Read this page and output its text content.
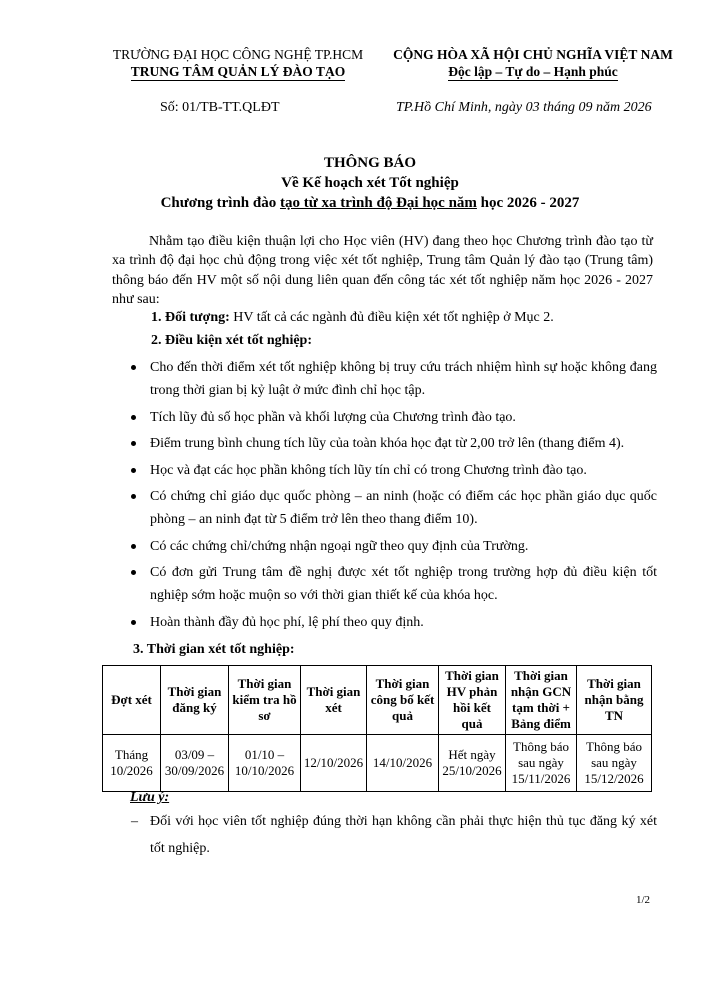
TRƯỜNG ĐẠI HỌC CÔNG NGHỆ TP.HCM
TRUNG TÂM QUẢN LÝ ĐÀO TẠO
CỘNG HÒA XÃ HỘI CHỦ NGHĨA VIỆT NAM
Độc lập – Tự do – Hạnh phúc
Số: 01/TB-TT.QLĐT	TP.Hồ Chí Minh, ngày 03 tháng 09 năm 2026
THÔNG BÁO
Về Kế hoạch xét Tốt nghiệp
Chương trình đào tạo từ xa trình độ Đại học năm học 2026 - 2027
Nhằm tạo điều kiện thuận lợi cho Học viên (HV) đang theo học Chương trình đào tạo từ xa trình độ đại học chủ động trong việc xét tốt nghiệp, Trung tâm Quản lý đào tạo (Trung tâm) thông báo đến HV một số nội dung liên quan đến công tác xét tốt nghiệp năm học 2026 - 2027 như sau:
1. Đối tượng: HV tất cả các ngành đủ điều kiện xét tốt nghiệp ở Mục 2.
2. Điều kiện xét tốt nghiệp:
Cho đến thời điểm xét tốt nghiệp không bị truy cứu trách nhiệm hình sự hoặc không đang trong thời gian bị kỷ luật ở mức đình chỉ học tập.
Tích lũy đủ số học phần và khối lượng của Chương trình đào tạo.
Điểm trung bình chung tích lũy của toàn khóa học đạt từ 2,00 trở lên (thang điểm 4).
Học và đạt các học phần không tích lũy tín chỉ có trong Chương trình đào tạo.
Có chứng chỉ giáo dục quốc phòng – an ninh (hoặc có điểm các học phần giáo dục quốc phòng – an ninh đạt từ 5 điểm trở lên theo thang điểm 10).
Có các chứng chỉ/chứng nhận ngoại ngữ theo quy định của Trường.
Có đơn gửi Trung tâm đề nghị được xét tốt nghiệp trong trường hợp đủ điều kiện tốt nghiệp sớm hoặc muộn so với thời gian thiết kế của khóa học.
Hoàn thành đầy đủ học phí, lệ phí theo quy định.
3. Thời gian xét tốt nghiệp:
Đợt xét	Thời gian đăng ký	Thời gian kiểm tra hồ sơ	Thời gian xét	Thời gian công bố kết quả	Thời gian HV phản hồi kết quả	Thời gian nhận GCN tạm thời + Bảng điểm	Thời gian nhận bằng TN
Tháng 10/2026	03/09 – 30/09/2026	01/10 – 10/10/2026	12/10/2026	14/10/2026	Hết ngày 25/10/2026	Thông báo sau ngày 15/11/2026	Thông báo sau ngày 15/12/2026
Lưu ý:
– Đối với học viên tốt nghiệp đúng thời hạn không cần phải thực hiện thủ tục đăng ký xét tốt nghiệp.
1/2
